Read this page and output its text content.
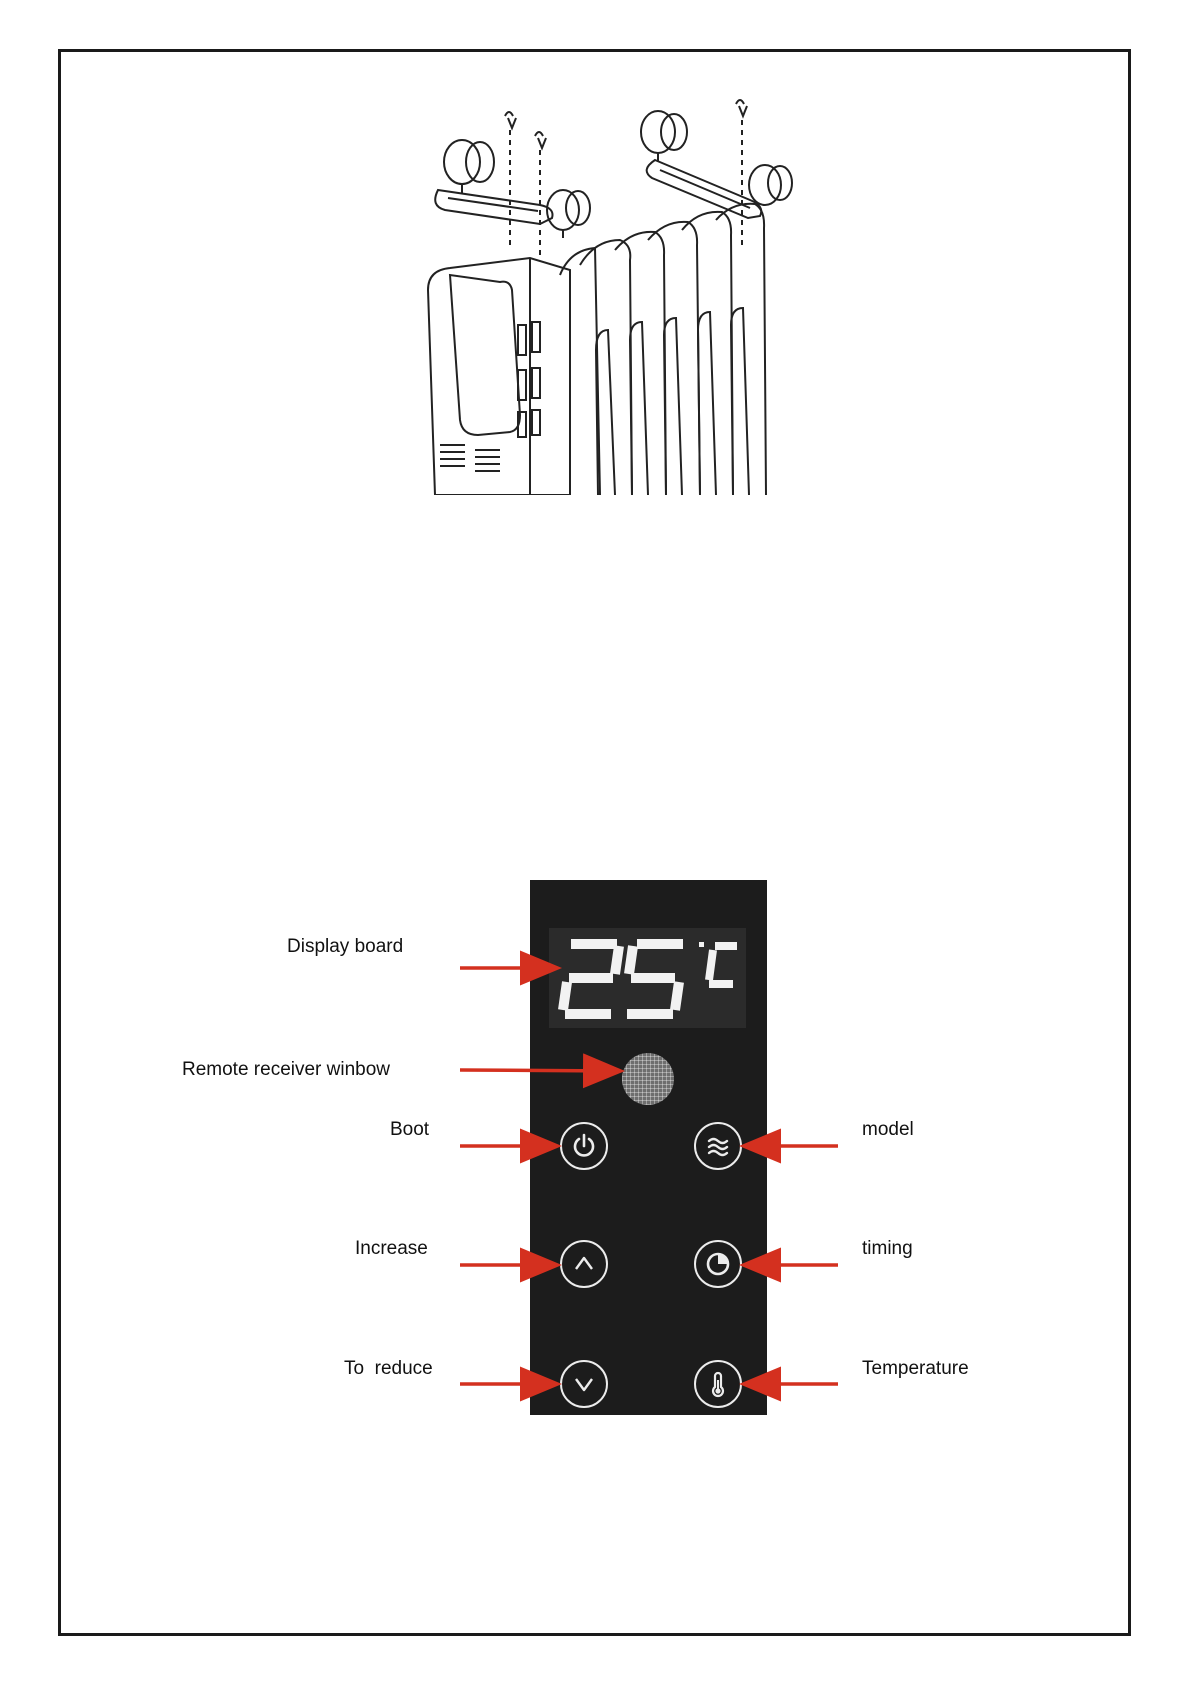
Display board
Remote receiver winbow
Boot
Increase
To  reduce
model
timing
Temperature
